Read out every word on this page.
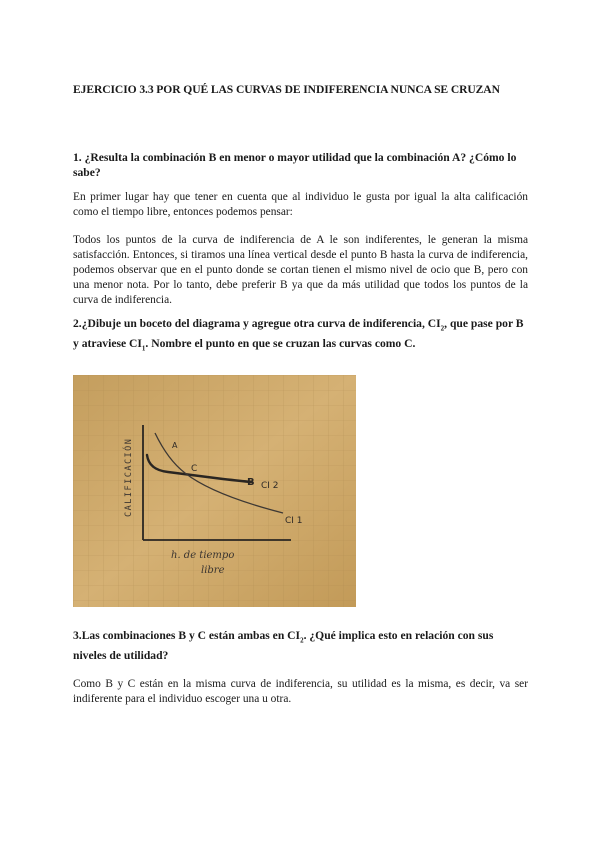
EJERCICIO 3.3 POR QUÉ LAS CURVAS DE INDIFERENCIA NUNCA SE CRUZAN
1. ¿Resulta la combinación B en menor o mayor utilidad que la combinación A? ¿Cómo lo sabe?
En primer lugar hay que tener en cuenta que al individuo le gusta por igual la alta calificación como el tiempo libre, entonces podemos pensar:
Todos los puntos de la curva de indiferencia de A le son indiferentes, le generan la misma satisfacción. Entonces, si tiramos una línea vertical desde el punto B hasta la curva de indiferencia, podemos observar que en el punto donde se cortan tienen el mismo nivel de ocio que B, pero con una menor nota. Por lo tanto, debe preferir B ya que da más utilidad que todos los puntos de la curva de indiferencia.
2.¿Dibuje un boceto del diagrama y agregue otra curva de indiferencia, $CI_2$, que pase por B y atraviese $CI_1$. Nombre el punto en que se cruzan las curvas como C.
CALIFICACIÓN
h. de tiempo
libre
A
C
B CI 2
CI 1
3.Las combinaciones B y C están ambas en $CI_2$. ¿Qué implica esto en relación con sus niveles de utilidad?
Como B y C están en la misma curva de indiferencia, su utilidad es la misma, es decir, va ser indiferente para el individuo escoger una u otra.
